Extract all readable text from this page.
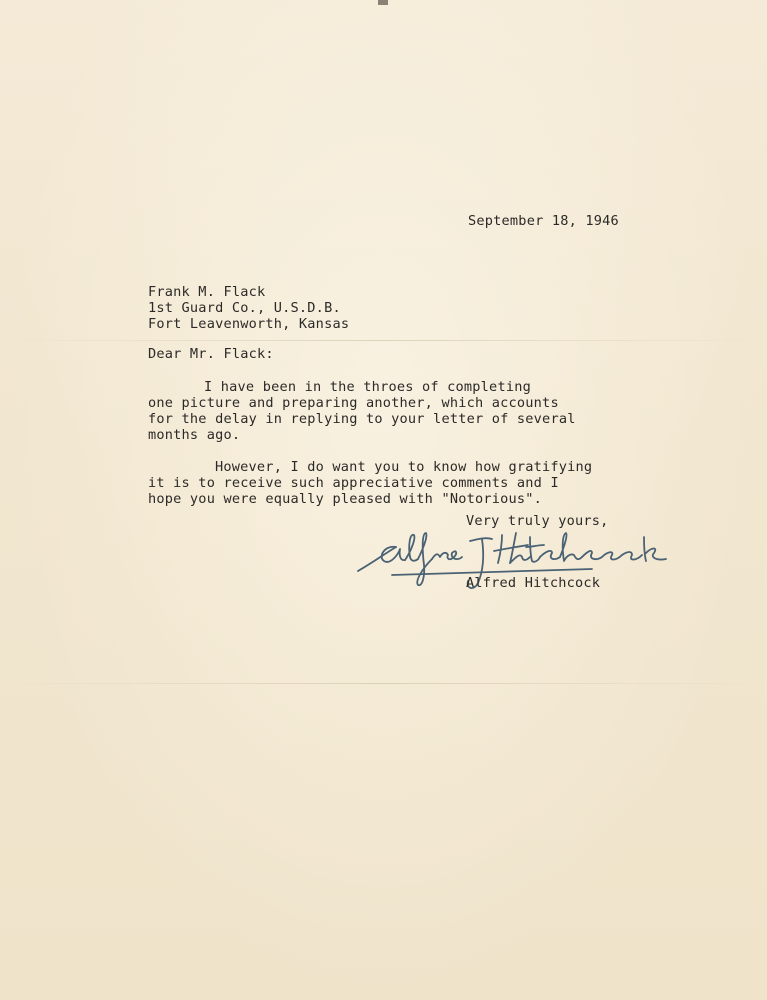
September 18, 1946
Frank M. Flack
1st Guard Co., U.S.D.B.
Fort Leavenworth, Kansas
Dear Mr. Flack:
I have been in the throes of completing
one picture and preparing another, which accounts
for the delay in replying to your letter of several
months ago.
However, I do want you to know how gratifying
it is to receive such appreciative comments and I
hope you were equally pleased with "Notorious".
Very truly yours,
Alfred Hitchcock
